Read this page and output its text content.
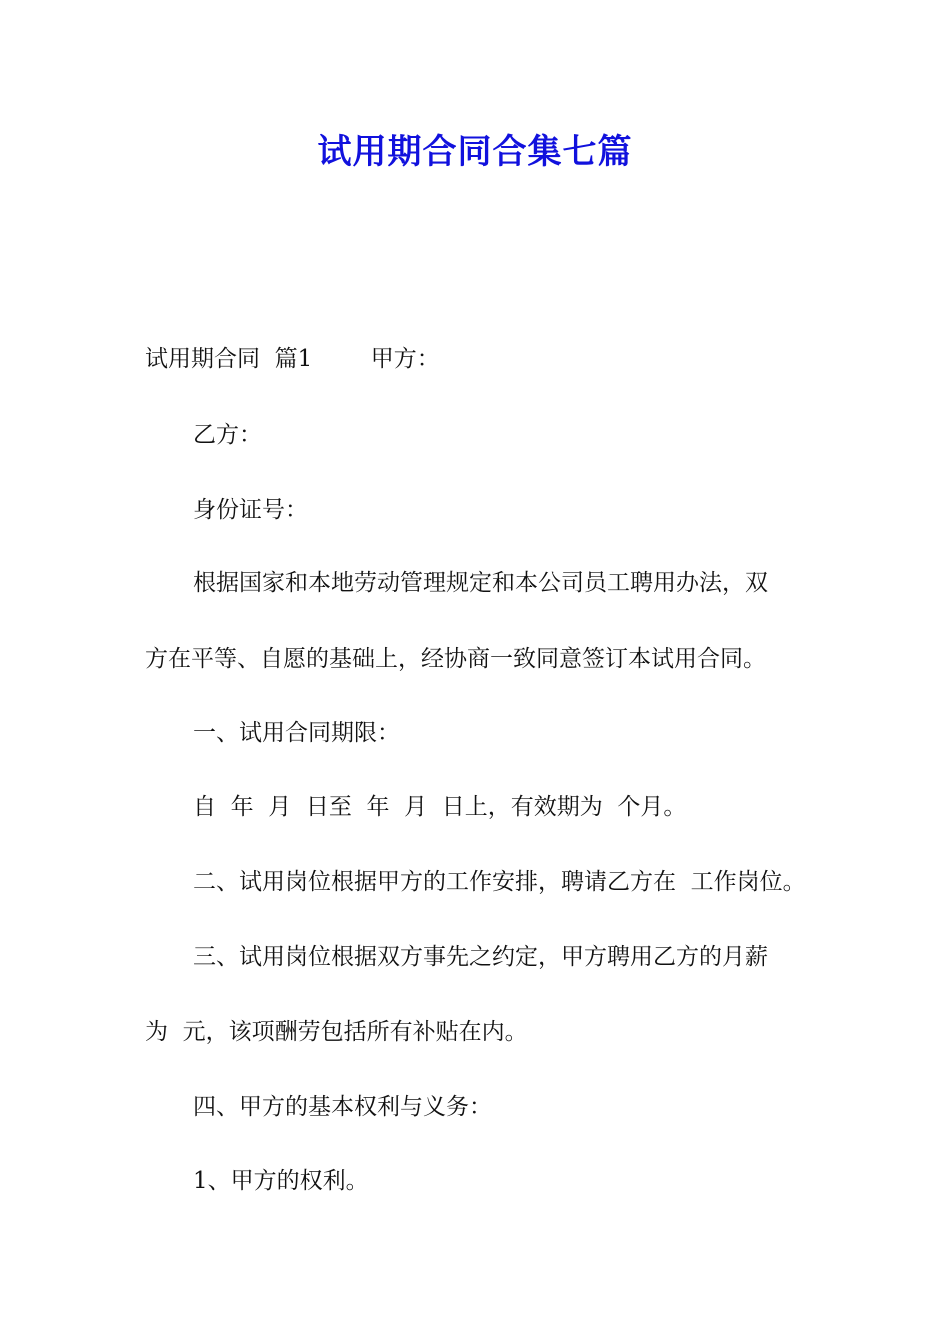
试用期合同合集七篇
试用期合同  篇1        甲方：
乙方：
身份证号：
根据国家和本地劳动管理规定和本公司员工聘用办法，双
方在平等、自愿的基础上，经协商一致同意签订本试用合同。
一、试用合同期限：
自  年  月  日至  年  月  日上，有效期为  个月。
二、试用岗位根据甲方的工作安排，聘请乙方在  工作岗位。
三、试用岗位根据双方事先之约定，甲方聘用乙方的月薪
为  元，该项酬劳包括所有补贴在内。
四、甲方的基本权利与义务：
1、甲方的权利。
